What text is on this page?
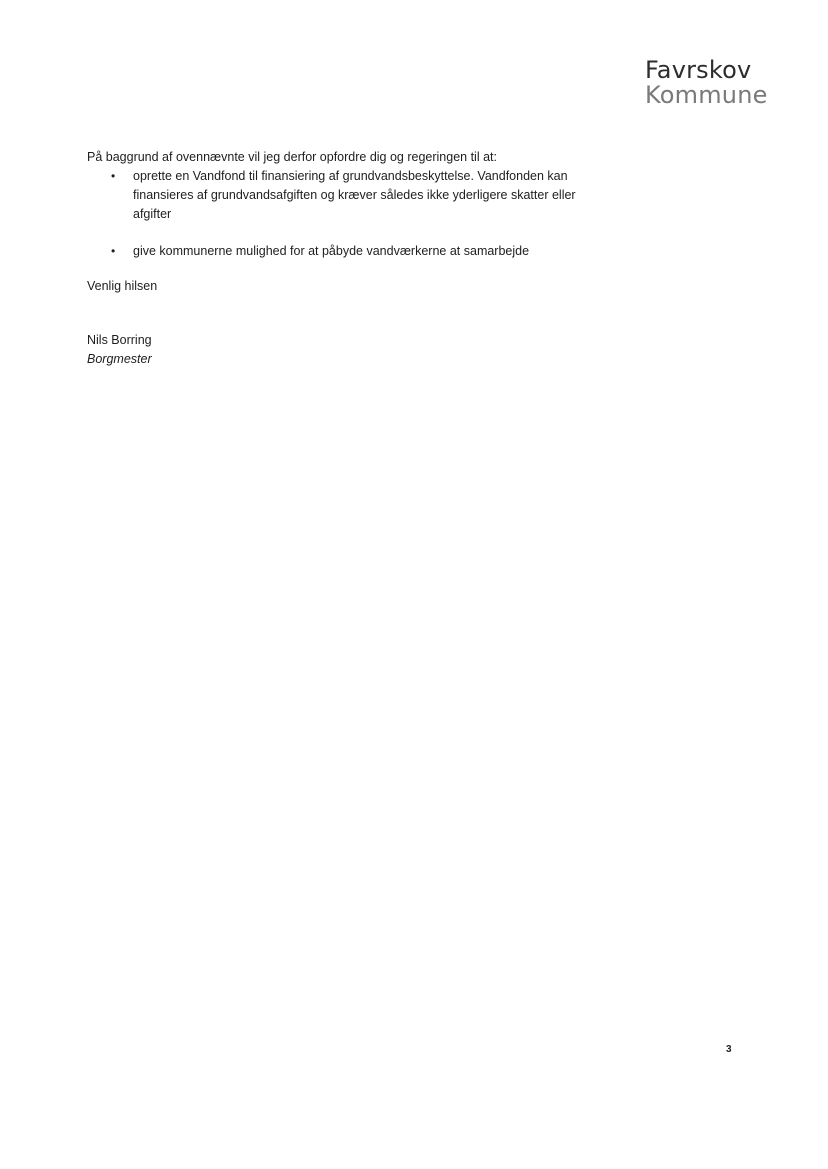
Favrskov
Kommune

På baggrund af ovennævnte vil jeg derfor opfordre dig og regeringen til at:

• oprette en Vandfond til finansiering af grundvandsbeskyttelse. Vandfonden kan finansieres af grundvandsafgiften og kræver således ikke yderligere skatter eller afgifter
• give kommunerne mulighed for at påbyde vandværkerne at samarbejde

Venlig hilsen

Nils Borring

Borgmester

3
